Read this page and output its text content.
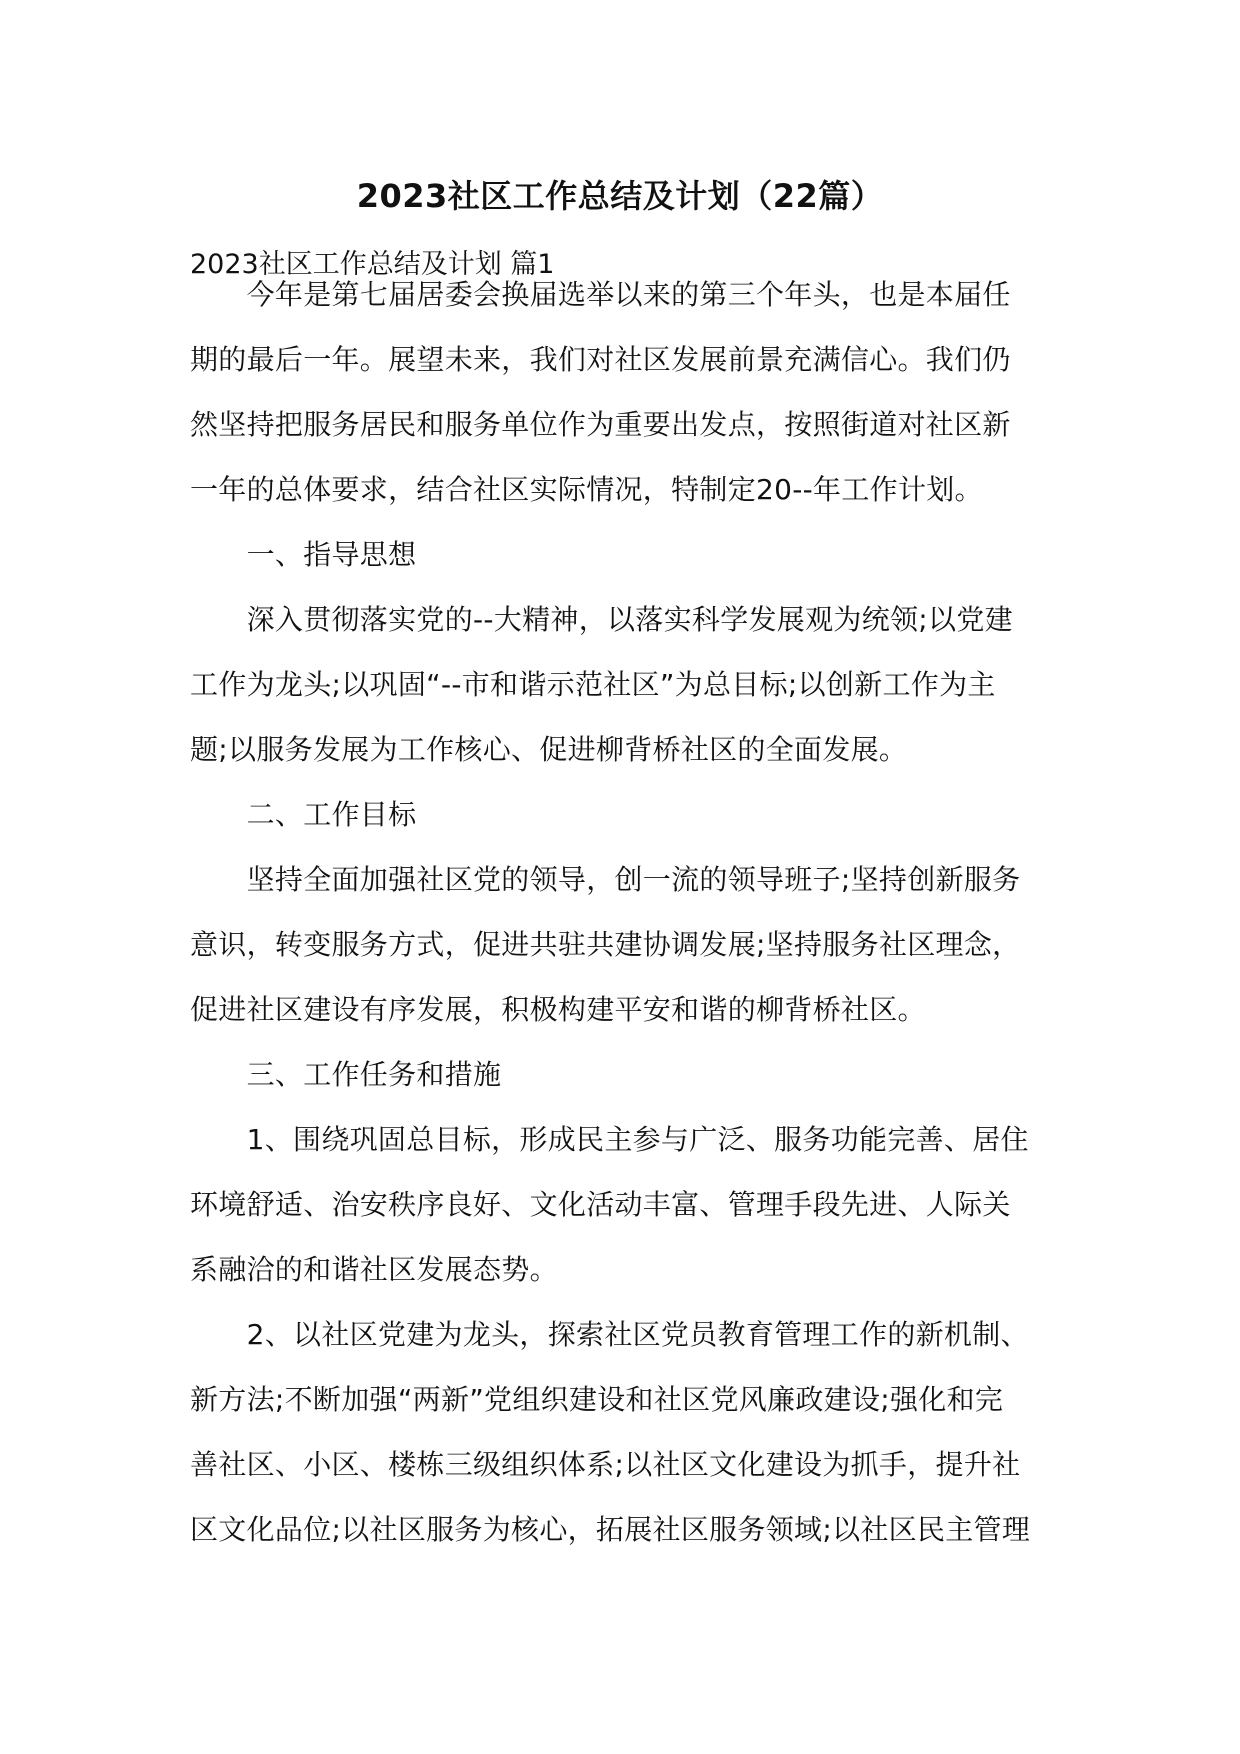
2023社区工作总结及计划（22篇）
2023社区工作总结及计划 篇1
　　今年是第七届居委会换届选举以来的第三个年头，也是本届任
期的最后一年。展望未来，我们对社区发展前景充满信心。我们仍
然坚持把服务居民和服务单位作为重要出发点，按照街道对社区新
一年的总体要求，结合社区实际情况，特制定20--年工作计划。
　　一、指导思想
　　深入贯彻落实党的--大精神，以落实科学发展观为统领;以党建
工作为龙头;以巩固“--市和谐示范社区”为总目标;以创新工作为主
题;以服务发展为工作核心、促进柳背桥社区的全面发展。
　　二、工作目标
　　坚持全面加强社区党的领导，创一流的领导班子;坚持创新服务
意识，转变服务方式，促进共驻共建协调发展;坚持服务社区理念，
促进社区建设有序发展，积极构建平安和谐的柳背桥社区。
　　三、工作任务和措施
　　1、围绕巩固总目标，形成民主参与广泛、服务功能完善、居住
环境舒适、治安秩序良好、文化活动丰富、管理手段先进、人际关
系融洽的和谐社区发展态势。
　　2、以社区党建为龙头，探索社区党员教育管理工作的新机制、
新方法;不断加强“两新”党组织建设和社区党风廉政建设;强化和完
善社区、小区、楼栋三级组织体系;以社区文化建设为抓手，提升社
区文化品位;以社区服务为核心，拓展社区服务领域;以社区民主管理
